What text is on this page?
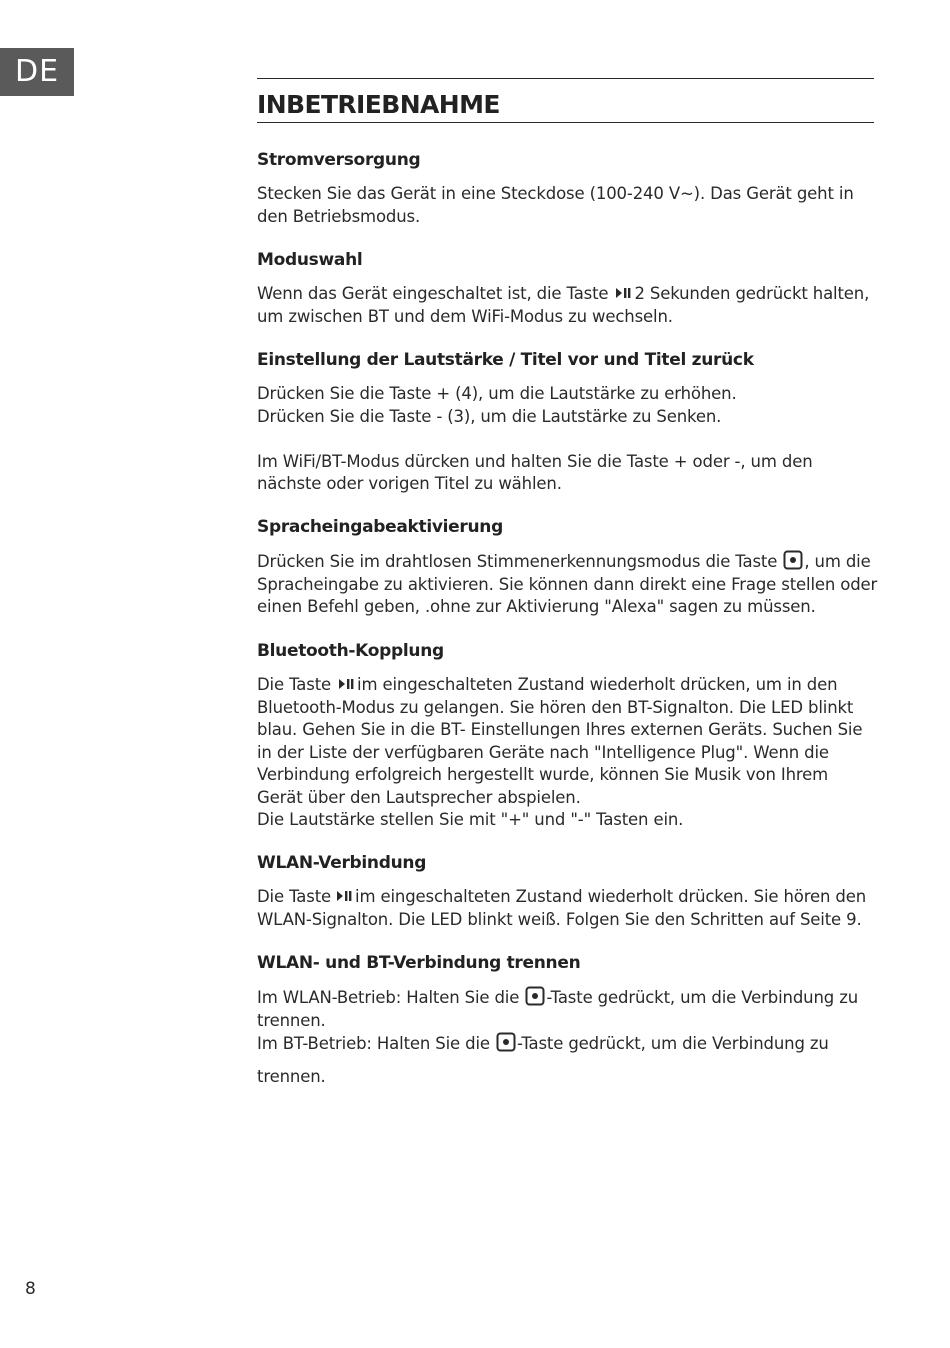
DE
INBETRIEBNAHME
Stromversorgung

Stecken Sie das Gerät in eine Steckdose (100-240 V~). Das Gerät geht in

den Betriebsmodus.

Moduswahl

Wenn das Gerät eingeschaltet ist, die Taste 2 Sekunden gedrückt halten,

um zwischen BT und dem WiFi-Modus zu wechseln.

Einstellung der Lautstärke / Titel vor und Titel zurück

Drücken Sie die Taste + (4), um die Lautstärke zu erhöhen.

Drücken Sie die Taste - (3), um die Lautstärke zu Senken.

Im WiFi/BT-Modus dürcken und halten Sie die Taste + oder -, um den

nächste oder vorigen Titel zu wählen.

Spracheingabeaktivierung

Drücken Sie im drahtlosen Stimmenerkennungsmodus die Taste , um die

Spracheingabe zu aktivieren. Sie können dann direkt eine Frage stellen oder

einen Befehl geben, .ohne zur Aktivierung "Alexa" sagen zu müssen.

Bluetooth-Kopplung

Die Taste im eingeschalteten Zustand wiederholt drücken, um in den

Bluetooth-Modus zu gelangen. Sie hören den BT-Signalton. Die LED blinkt

blau. Gehen Sie in die BT- Einstellungen Ihres externen Geräts. Suchen Sie

in der Liste der verfügbaren Geräte nach "Intelligence Plug". Wenn die

Verbindung erfolgreich hergestellt wurde, können Sie Musik von Ihrem

Gerät über den Lautsprecher abspielen.

Die Lautstärke stellen Sie mit "+" und "-" Tasten ein.

WLAN-Verbindung

Die Taste im eingeschalteten Zustand wiederholt drücken. Sie hören den

WLAN-Signalton. Die LED blinkt weiß. Folgen Sie den Schritten auf Seite 9.

WLAN- und BT-Verbindung trennen

Im WLAN-Betrieb: Halten Sie die -Taste gedrückt, um die Verbindung zu

trennen.

Im BT-Betrieb: Halten Sie die -Taste gedrückt, um die Verbindung zu

trennen.

8
